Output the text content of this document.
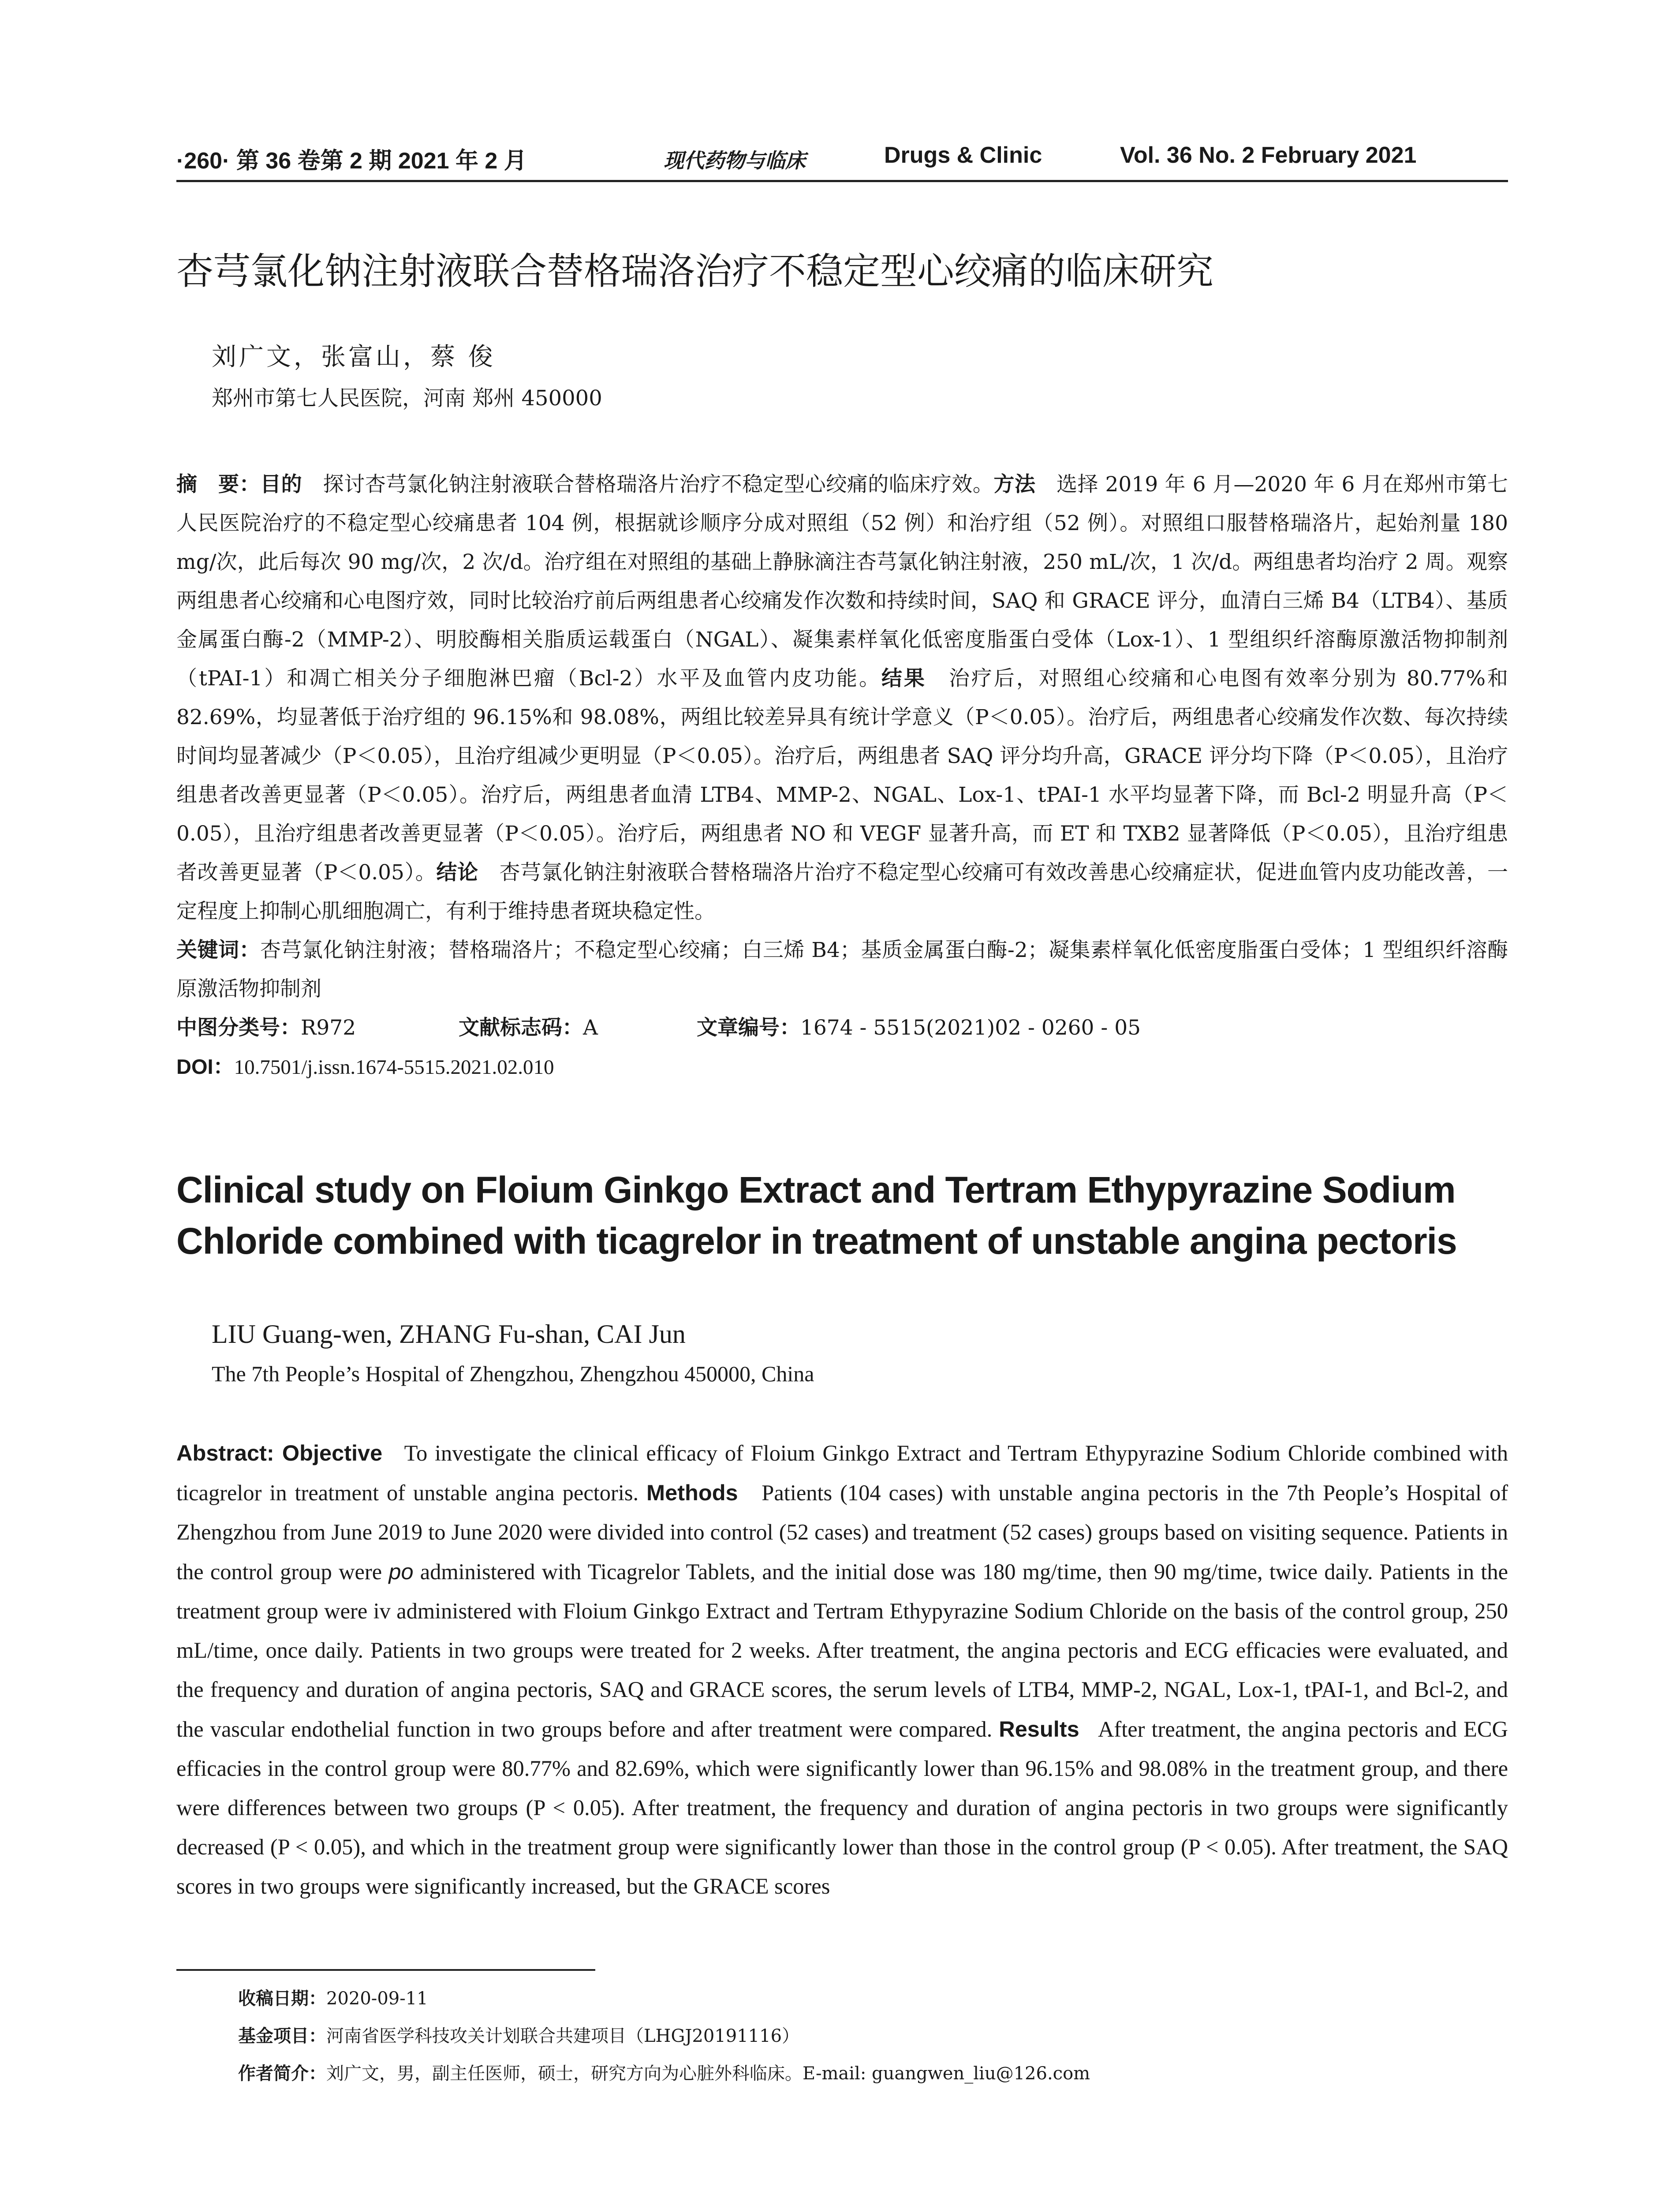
·260· 第 36 卷第 2 期 2021 年 2 月	现代药物与临床	Drugs & Clinic	Vol. 36 No. 2 February 2021
杏芎氯化钠注射液联合替格瑞洛治疗不稳定型心绞痛的临床研究
刘广文，张富山，蔡 俊
郑州市第七人民医院，河南 郑州 450000

摘　要：目的　 探讨杏芎氯化钠注射液联合替格瑞洛片治疗不稳定型心绞痛的临床疗效。方法　 选择 2019 年 6 月—2020 年 6 月在郑州市第七人民医院治疗的不稳定型心绞痛患者 104 例，根据就诊顺序分成对照组（52 例）和治疗组（52 例）。对照组口服替格瑞洛片，起始剂量 180 mg/次，此后每次 90 mg/次，2 次/d。治疗组在对照组的基础上静脉滴注杏芎氯化钠注射液，250 mL/次，1 次/d。两组患者均治疗 2 周。观察两组患者心绞痛和心电图疗效，同时比较治疗前后两组患者心绞痛发作次数和持续时间，SAQ 和 GRACE 评分，血清白三烯 B4（LTB4）、基质金属蛋白酶-2（MMP-2）、明胶酶相关脂质运载蛋白（NGAL）、凝集素样氧化低密度脂蛋白受体（Lox-1）、1 型组织纤溶酶原激活物抑制剂（tPAI-1）和凋亡相关分子细胞淋巴瘤（Bcl-2）水平及血管内皮功能。结果　 治疗后，对照组心绞痛和心电图有效率分别为 80.77%和 82.69%，均显著低于治疗组的 96.15%和 98.08%，两组比较差异具有统计学意义（P＜0.05）。治疗后，两组患者心绞痛发作次数、每次持续时间均显著减少（P＜0.05），且治疗组减少更明显（P＜0.05）。治疗后，两组患者 SAQ 评分均升高，GRACE 评分均下降（P＜0.05），且治疗组患者改善更显著（P＜0.05）。治疗后，两组患者血清 LTB4、MMP-2、NGAL、Lox-1、tPAI-1 水平均显著下降，而 Bcl-2 明显升高（P＜0.05），且治疗组患者改善更显著（P＜0.05）。治疗后，两组患者 NO 和 VEGF 显著升高，而 ET 和 TXB2 显著降低（P＜0.05），且治疗组患者改善更显著（P＜0.05）。结论　 杏芎氯化钠注射液联合替格瑞洛片治疗不稳定型心绞痛可有效改善患心绞痛症状，促进血管内皮功能改善，一定程度上抑制心肌细胞凋亡，有利于维持患者斑块稳定性。

关键词：杏芎氯化钠注射液；替格瑞洛片；不稳定型心绞痛；白三烯 B4；基质金属蛋白酶-2；凝集素样氧化低密度脂蛋白受体；1 型组织纤溶酶原激活物抑制剂

中图分类号：R972	文献标志码：A	文章编号：1674 - 5515(2021)02 - 0260 - 05
DOI：10.7501/j.issn.1674-5515.2021.02.010
Clinical study on Floium Ginkgo Extract and Tertram Ethypyrazine Sodium Chloride combined with ticagrelor in treatment of unstable angina pectoris
LIU Guang-wen, ZHANG Fu-shan, CAI Jun
The 7th People’s Hospital of Zhengzhou, Zhengzhou 450000, China

Abstract: Objective To investigate the clinical efficacy of Floium Ginkgo Extract and Tertram Ethypyrazine Sodium Chloride combined with ticagrelor in treatment of unstable angina pectoris. Methods Patients (104 cases) with unstable angina pectoris in the 7th People’s Hospital of Zhengzhou from June 2019 to June 2020 were divided into control (52 cases) and treatment (52 cases) groups based on visiting sequence. Patients in the control group were po administered with Ticagrelor Tablets, and the initial dose was 180 mg/time, then 90 mg/time, twice daily. Patients in the treatment group were iv administered with Floium Ginkgo Extract and Tertram Ethypyrazine Sodium Chloride on the basis of the control group, 250 mL/time, once daily. Patients in two groups were treated for 2 weeks. After treatment, the angina pectoris and ECG efficacies were evaluated, and the frequency and duration of angina pectoris, SAQ and GRACE scores, the serum levels of LTB4, MMP-2, NGAL, Lox-1, tPAI-1, and Bcl-2, and the vascular endothelial function in two groups before and after treatment were compared. Results After treatment, the angina pectoris and ECG efficacies in the control group were 80.77% and 82.69%, which were significantly lower than 96.15% and 98.08% in the treatment group, and there were differences between two groups (P < 0.05). After treatment, the frequency and duration of angina pectoris in two groups were significantly decreased (P < 0.05), and which in the treatment group were significantly lower than those in the control group (P < 0.05). After treatment, the SAQ scores in two groups were significantly increased, but the GRACE scores

收稿日期：2020-09-11
基金项目：河南省医学科技攻关计划联合共建项目（LHGJ20191116）
作者简介：刘广文，男，副主任医师，硕士，研究方向为心脏外科临床。E-mail: guangwen_liu@126.com
